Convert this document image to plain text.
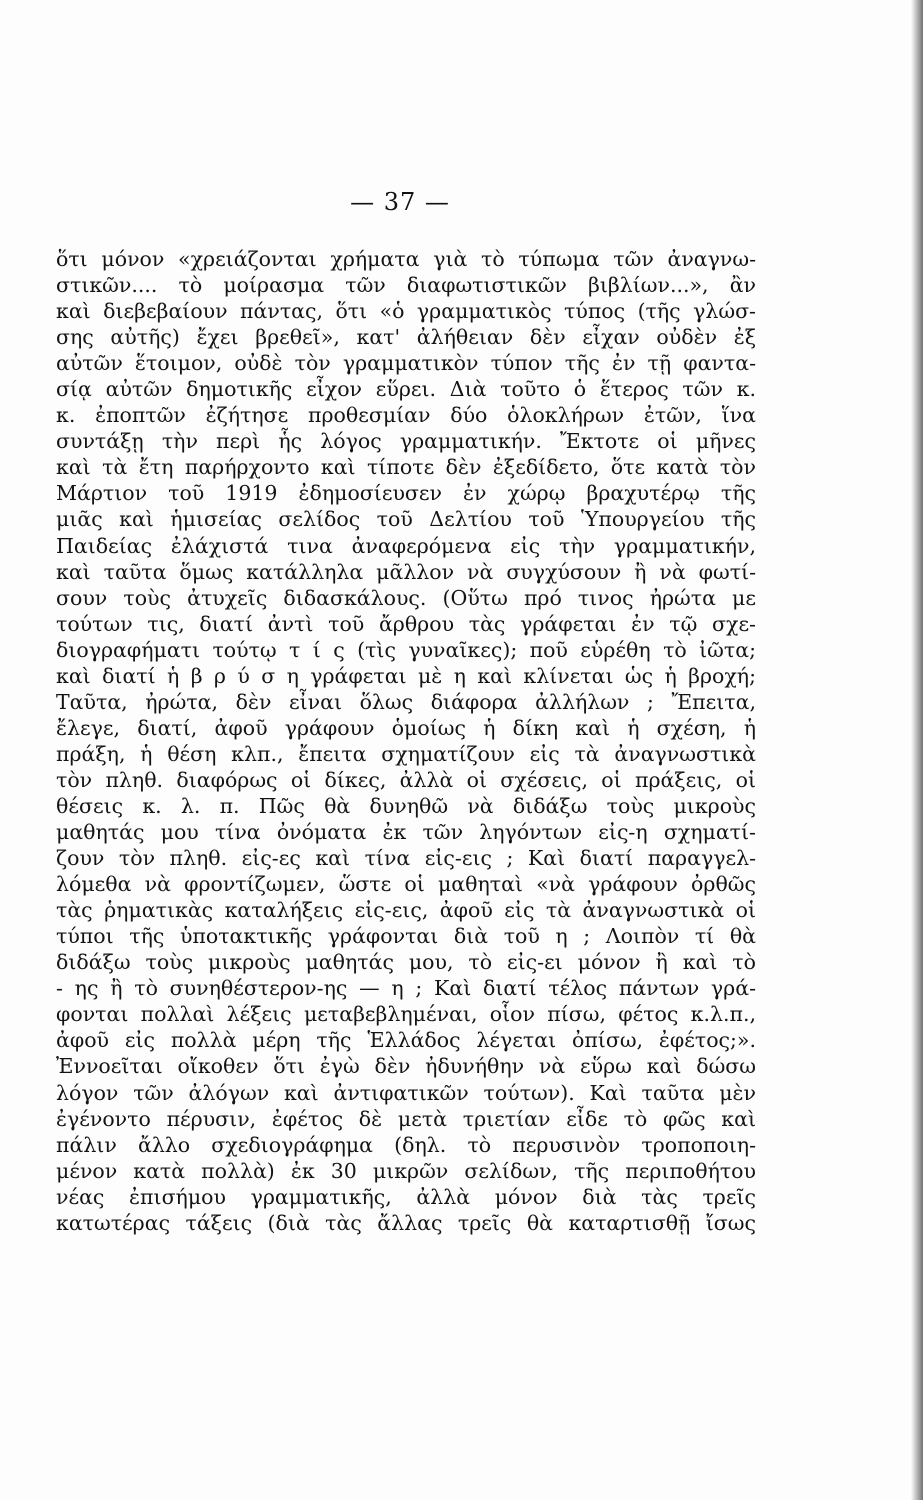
— 37 —
ὅτι μόνον «χρειάζονται χρήματα γιὰ τὸ τύπωμα τῶν ἀναγνω-
στικῶν.... τὸ μοίρασμα τῶν διαφωτιστικῶν βιβλίων...», ἂν
καὶ διεβεβαίουν πάντας, ὅτι «ὁ γραμματικὸς τύπος (τῆς γλώσ-
σης αὐτῆς) ἔχει βρεθεῖ», κατ' ἀλήθειαν δὲν εἶχαν οὐδὲν ἐξ
αὐτῶν ἕτοιμον, οὐδὲ τὸν γραμματικὸν τύπον τῆς ἐν τῇ φαντα-
σίᾳ αὐτῶν δημοτικῆς εἶχον εὕρει. Διὰ τοῦτο ὁ ἕτερος τῶν κ.
κ. ἐποπτῶν ἐζήτησε προθεσμίαν δύο ὁλοκλήρων ἐτῶν, ἵνα
συντάξῃ τὴν περὶ ἧς λόγος γραμματικήν. Ἔκτοτε οἱ μῆνες
καὶ τὰ ἔτη παρήρχοντο καὶ τίποτε δὲν ἐξεδίδετο, ὅτε κατὰ τὸν
Μάρτιον τοῦ 1919 ἐδημοσίευσεν ἐν χώρῳ βραχυτέρῳ τῆς
μιᾶς καὶ ἡμισείας σελίδος τοῦ Δελτίου τοῦ Ὑπουργείου τῆς
Παιδείας ἐλάχιστά τινα ἀναφερόμενα εἰς τὴν γραμματικήν,
καὶ ταῦτα ὅμως κατάλληλα μᾶλλον νὰ συγχύσουν ἢ νὰ φωτί-
σουν τοὺς ἀτυχεῖς διδασκάλους. (Οὕτω πρό τινος ἠρώτα με
τούτων τις, διατί ἀντὶ τοῦ ἄρθρου τὰς γράφεται ἐν τῷ σχε-
διογραφήματι τούτῳ τ ί ς (τὶς γυναῖκες); ποῦ εὑρέθη τὸ ἰῶτα;
καὶ διατί ἡ β ρ ύ σ η γράφεται μὲ η καὶ κλίνεται ὡς ἡ βροχή;
Ταῦτα, ἠρώτα, δὲν εἶναι ὅλως διάφορα ἀλλήλων ; Ἔπειτα,
ἔλεγε, διατί, ἀφοῦ γράφουν ὁμοίως ἡ δίκη καὶ ἡ σχέση, ἡ
πράξη, ἡ θέση κλπ., ἔπειτα σχηματίζουν εἰς τὰ ἀναγνωστικὰ
τὸν πληθ. διαφόρως οἱ δίκες, ἀλλὰ οἱ σχέσεις, οἱ πράξεις, οἱ
θέσεις κ. λ. π. Πῶς θὰ δυνηθῶ νὰ διδάξω τοὺς μικροὺς
μαθητάς μου τίνα ὀνόματα ἐκ τῶν ληγόντων εἰς-η σχηματί-
ζουν τὸν πληθ. εἰς-ες καὶ τίνα εἰς-εις ; Καὶ διατί παραγγελ-
λόμεθα νὰ φροντίζωμεν, ὥστε οἱ μαθηταὶ «νὰ γράφουν ὀρθῶς
τὰς ῥηματικὰς καταλήξεις εἰς-εις, ἀφοῦ εἰς τὰ ἀναγνωστικὰ οἱ
τύποι τῆς ὑποτακτικῆς γράφονται διὰ τοῦ η ; Λοιπὸν τί θὰ
διδάξω τοὺς μικροὺς μαθητάς μου, τὸ εἰς-ει μόνον ἢ καὶ τὸ
- ης ἢ τὸ συνηθέστερον-ης — η ; Καὶ διατί τέλος πάντων γρά-
φονται πολλαὶ λέξεις μεταβεβλημέναι, οἷον πίσω, φέτος κ.λ.π.,
ἀφοῦ εἰς πολλὰ μέρη τῆς Ἑλλάδος λέγεται ὀπίσω, ἐφέτος;».
Ἐννοεῖται οἴκοθεν ὅτι ἐγὼ δὲν ἠδυνήθην νὰ εὕρω καὶ δώσω
λόγον τῶν ἀλόγων καὶ ἀντιφατικῶν τούτων). Καὶ ταῦτα μὲν
ἐγένοντο πέρυσιν, ἐφέτος δὲ μετὰ τριετίαν εἶδε τὸ φῶς καὶ
πάλιν ἄλλο σχεδιογράφημα (δηλ. τὸ περυσινὸν τροποποιη-
μένον κατὰ πολλὰ) ἐκ 30 μικρῶν σελίδων, τῆς περιποθήτου
νέας ἐπισήμου γραμματικῆς, ἀλλὰ μόνον διὰ τὰς τρεῖς
κατωτέρας τάξεις (διὰ τὰς ἄλλας τρεῖς θὰ καταρτισθῇ ἴσως
